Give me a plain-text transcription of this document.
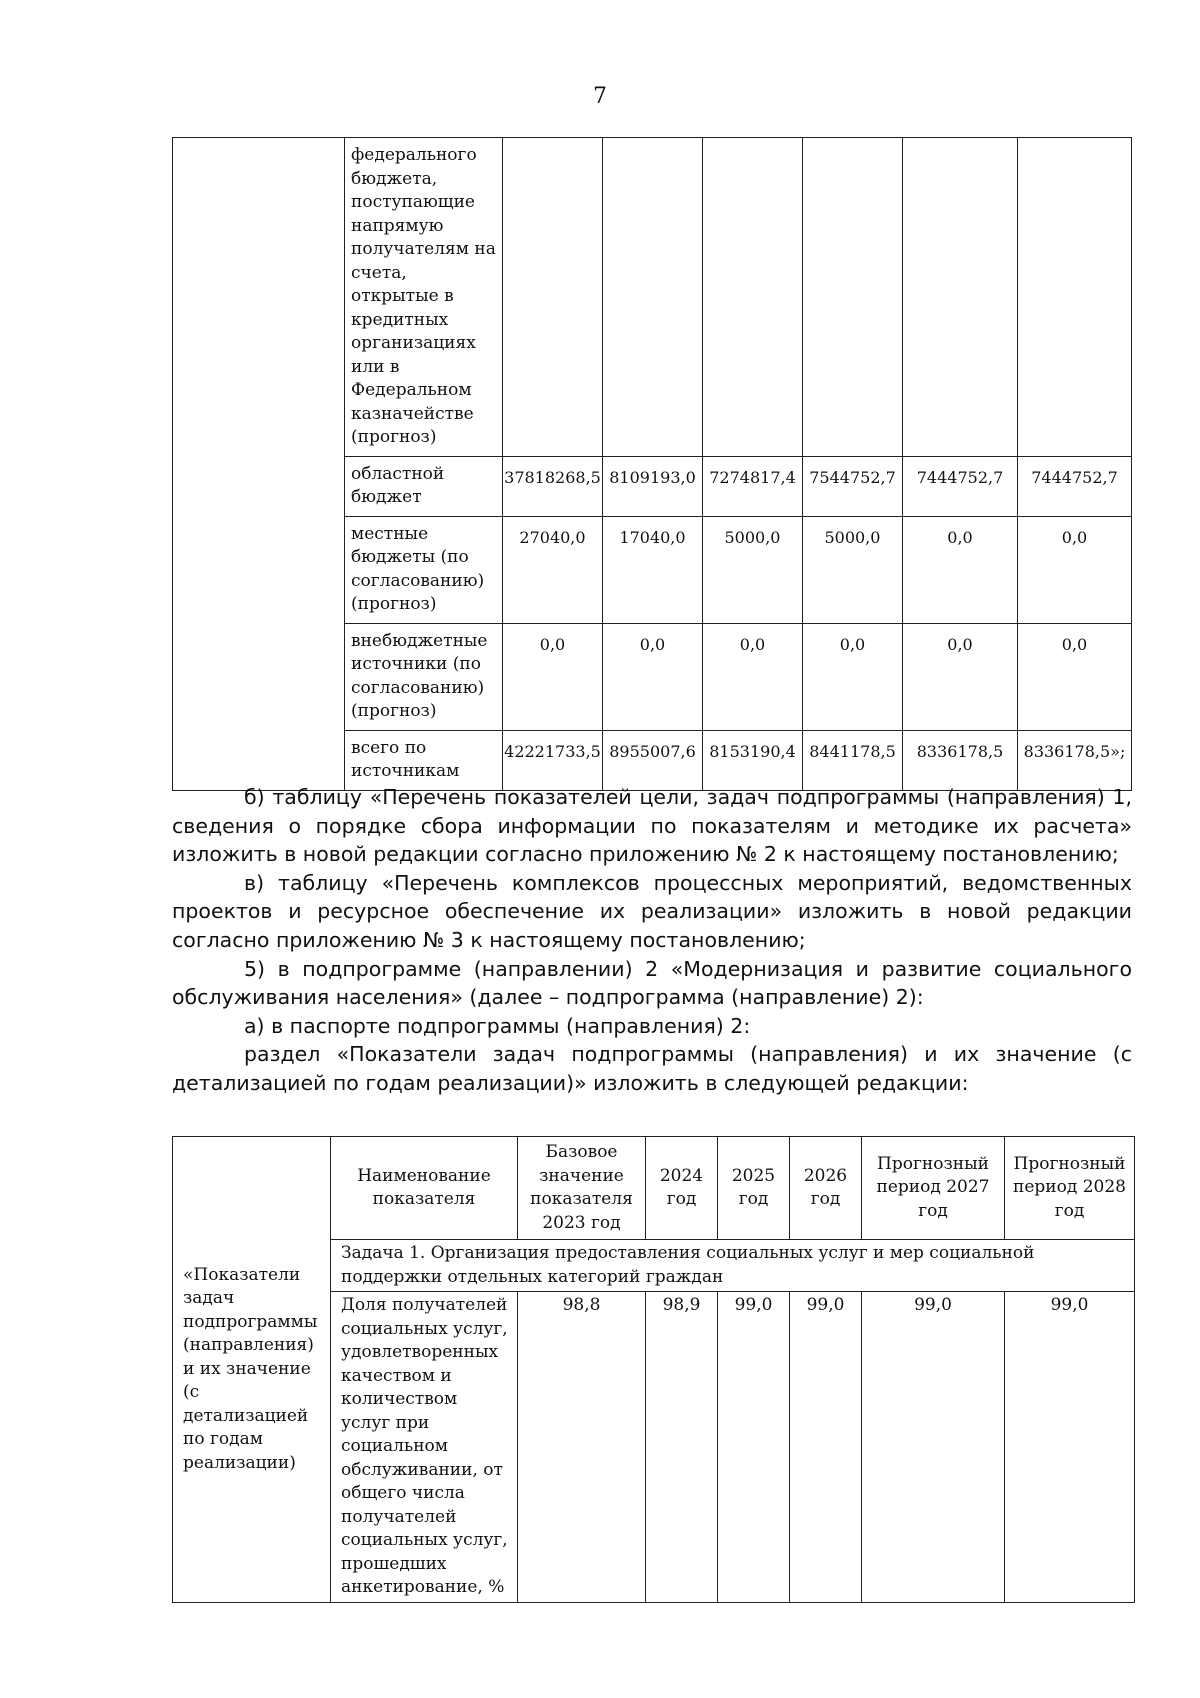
7
	федерального бюджета, поступающие напрямую получателям на счета, открытые в кредитных организациях или в Федеральном казначействе (прогноз)						
	областной бюджет	37818268,5	8109193,0	7274817,4	7544752,7	7444752,7	7444752,7
	местные бюджеты (по согласованию) (прогноз)	27040,0	17040,0	5000,0	5000,0	0,0	0,0
	внебюджетные источники (по согласованию) (прогноз)	0,0	0,0	0,0	0,0	0,0	0,0
	всего по источникам	42221733,5	8955007,6	8153190,4	8441178,5	8336178,5	8336178,5»;

б) таблицу «Перечень показателей цели, задач подпрограммы (направления) 1, сведения о порядке сбора информации по показателям и методике их расчета» изложить в новой редакции согласно приложению № 2 к настоящему постановлению;

в) таблицу «Перечень комплексов процессных мероприятий, ведомственных проектов и ресурсное обеспечение их реализации» изложить в новой редакции согласно приложению № 3 к настоящему постановлению;

5) в подпрограмме (направлении) 2 «Модернизация и развитие социального обслуживания населения» (далее – подпрограмма (направление) 2):

а) в паспорте подпрограммы (направления) 2:

раздел «Показатели задач подпрограммы (направления) и их значение (с детализацией по годам реализации)» изложить в следующей редакции:

«Показатели задач подпрограммы (направления) и их значение (с детализацией по годам реализации)	Наименование показателя	Базовое значение показателя 2023 год	2024 год	2025 год	2026 год	Прогнозный период 2027 год	Прогнозный период 2028 год
	Задача 1. Организация предоставления социальных услуг и мер социальной поддержки отдельных категорий граждан						
	Доля получателей социальных услуг, удовлетворенных качеством и количеством услуг при социальном обслуживании, от общего числа получателей социальных услуг, прошедших анкетирование, %	98,8	98,9	99,0	99,0	99,0	99,0
